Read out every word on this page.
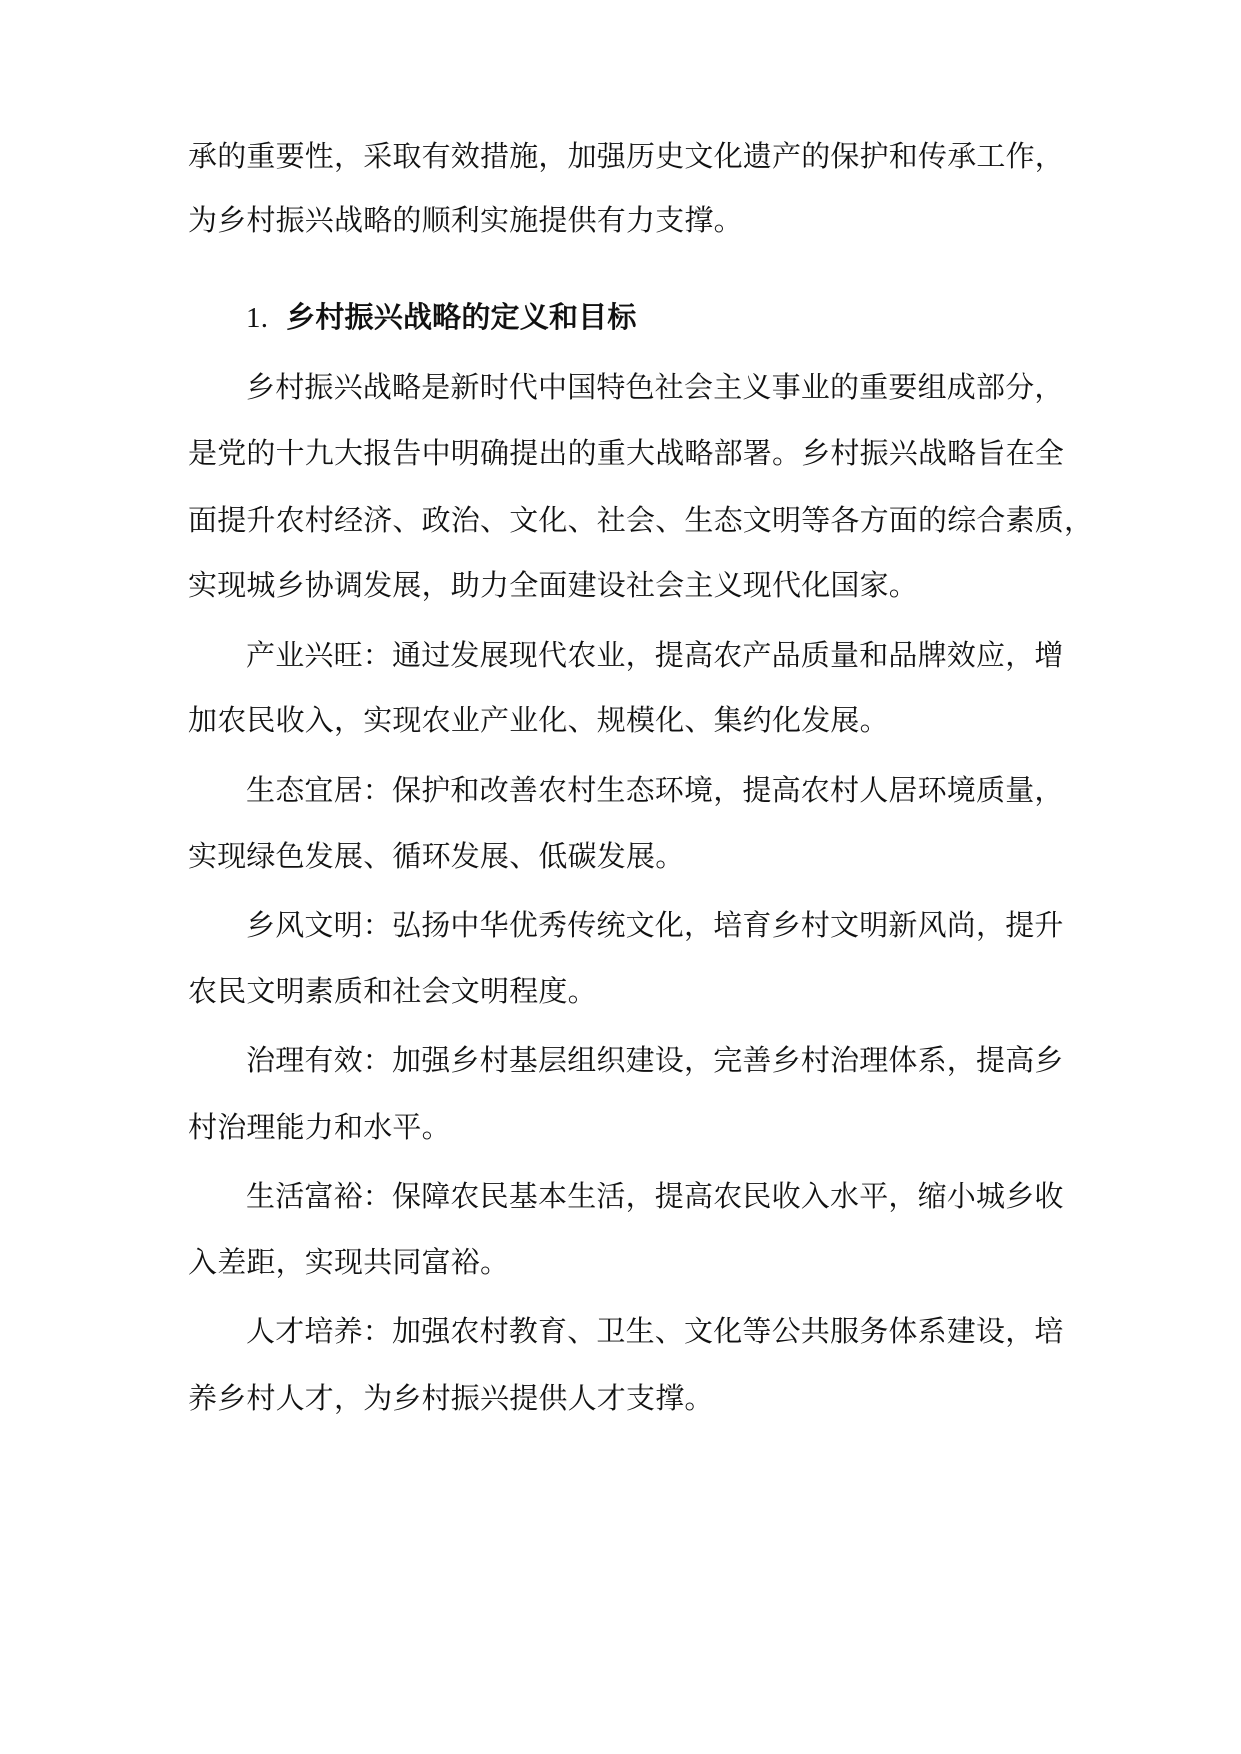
承的重要性，采取有效措施，加强历史文化遗产的保护和传承工作，
为乡村振兴战略的顺利实施提供有力支撑。
1. 乡村振兴战略的定义和目标
乡村振兴战略是新时代中国特色社会主义事业的重要组成部分，
是党的十九大报告中明确提出的重大战略部署。乡村振兴战略旨在全
面提升农村经济、政治、文化、社会、生态文明等各方面的综合素质，
实现城乡协调发展，助力全面建设社会主义现代化国家。
产业兴旺：通过发展现代农业，提高农产品质量和品牌效应，增
加农民收入，实现农业产业化、规模化、集约化发展。
生态宜居：保护和改善农村生态环境，提高农村人居环境质量，
实现绿色发展、循环发展、低碳发展。
乡风文明：弘扬中华优秀传统文化，培育乡村文明新风尚，提升
农民文明素质和社会文明程度。
治理有效：加强乡村基层组织建设，完善乡村治理体系，提高乡
村治理能力和水平。
生活富裕：保障农民基本生活，提高农民收入水平，缩小城乡收
入差距，实现共同富裕。
人才培养：加强农村教育、卫生、文化等公共服务体系建设，培
养乡村人才，为乡村振兴提供人才支撑。
